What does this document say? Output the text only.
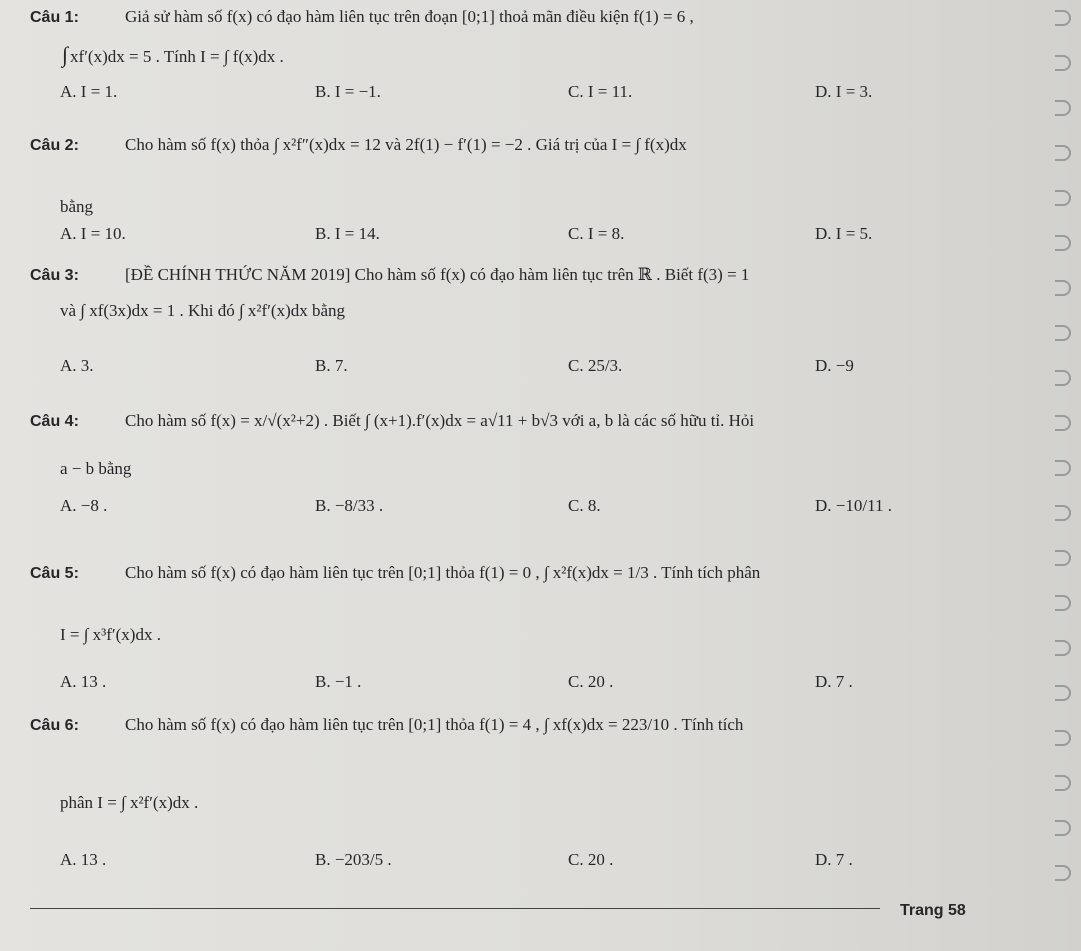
Câu 1:	Giả sử hàm số f(x) có đạo hàm liên tục trên đoạn [0;1] thoả mãn điều kiện f(1) = 6 ,
∫ xf′(x)dx = 5 . Tính I = ∫ f(x)dx .
A. I = 1.	B. I = −1.	C. I = 11.	D. I = 3.
Câu 2:	Cho hàm số f(x) thỏa ∫ x²f″(x)dx = 12 và 2f(1) − f′(1) = −2 . Giá trị của I = ∫ f(x)dx
bằng
A. I = 10.	B. I = 14.	C. I = 8.	D. I = 5.
Câu 3:	[ĐỀ CHÍNH THỨC NĂM 2019] Cho hàm số f(x) có đạo hàm liên tục trên ℝ . Biết f(3) = 1
và ∫ xf(3x)dx = 1 . Khi đó ∫ x²f′(x)dx bằng
A. 3.	B. 7.	C. 25/3.	D. −9
Câu 4:	Cho hàm số f(x) = x/√(x²+2) . Biết ∫ (x+1).f′(x)dx = a√11 + b√3 với a, b là các số hữu tỉ. Hỏi
a − b bằng
A. −8 .	B. −8/33 .	C. 8.	D. −10/11 .
Câu 5:	Cho hàm số f(x) có đạo hàm liên tục trên [0;1] thỏa f(1) = 0 , ∫ x²f(x)dx = 1/3 . Tính tích phân
I = ∫ x³f′(x)dx .
A. 13 .	B. −1 .	C. 20 .	D. 7 .
Câu 6:	Cho hàm số f(x) có đạo hàm liên tục trên [0;1] thỏa f(1) = 4 , ∫ xf(x)dx = 223/10 . Tính tích
phân I = ∫ x²f′(x)dx .
A. 13 .	B. −203/5 .	C. 20 .	D. 7 .
Trang 58
